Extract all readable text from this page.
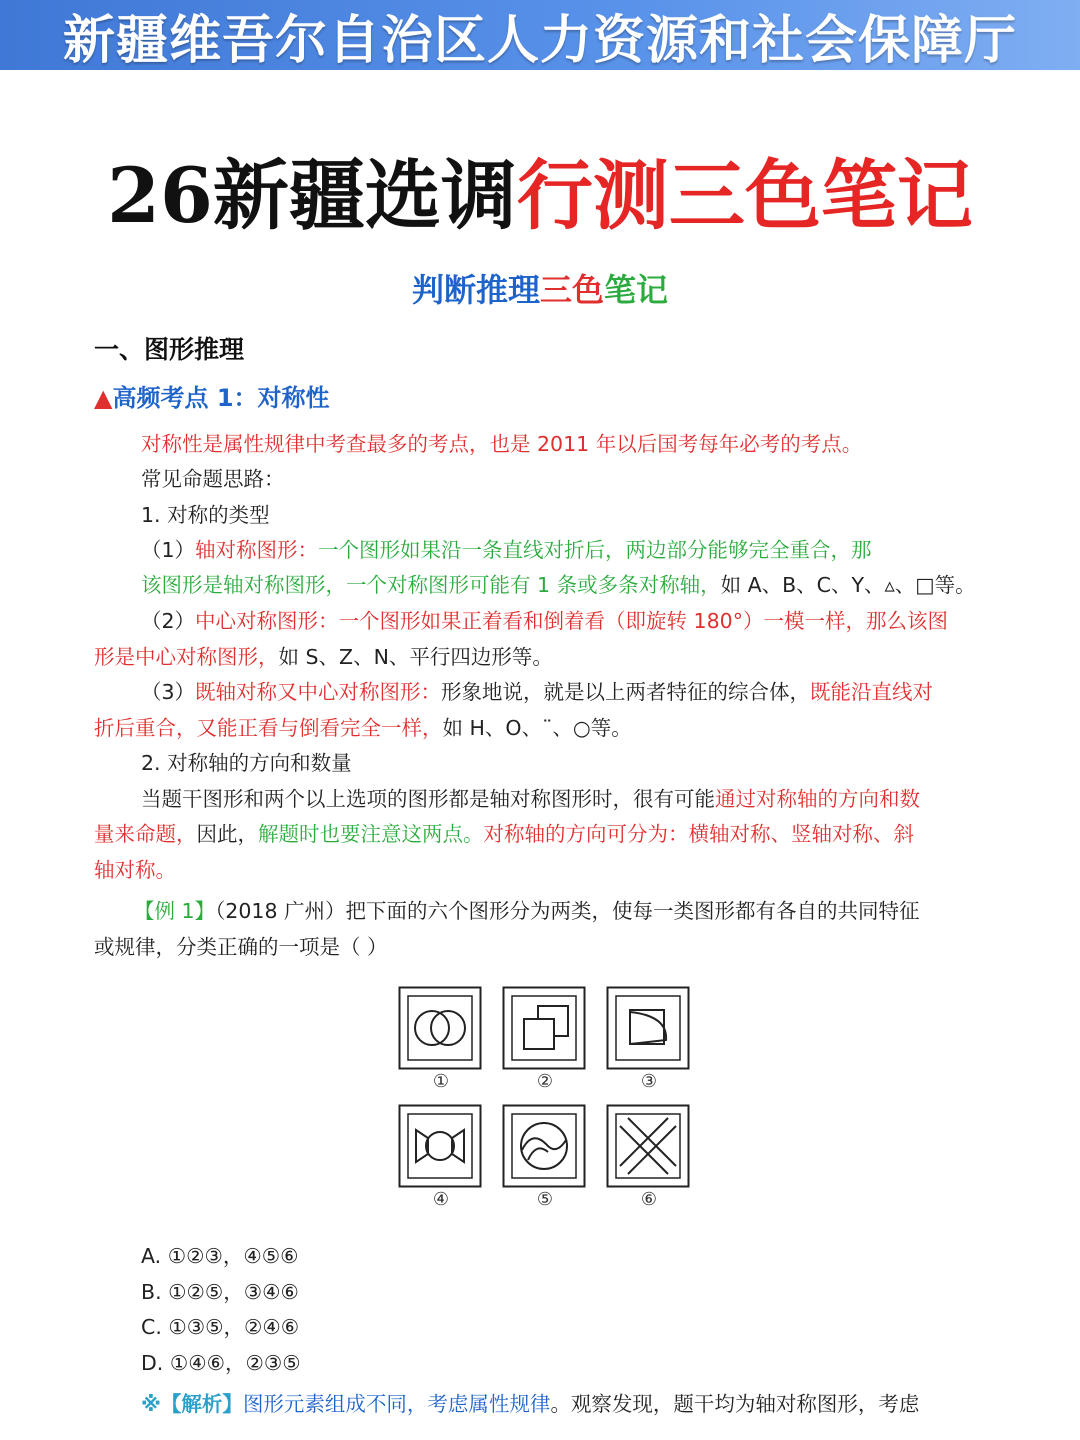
新疆维吾尔自治区人力资源和社会保障厅
26新疆选调行测三色笔记
判断推理三色笔记
一、图形推理
▲高频考点 1：对称性
对称性是属性规律中考查最多的考点，也是 2011 年以后国考每年必考的考点。
常见命题思路：
1. 对称的类型
（1）轴对称图形：一个图形如果沿一条直线对折后，两边部分能够完全重合，那
该图形是轴对称图形，一个对称图形可能有 1 条或多条对称轴，如 A、B、C、Y、▵、□等。
（2）中心对称图形：一个图形如果正着看和倒着看（即旋转 180°）一模一样，那么该图
形是中心对称图形，如 S、Z、N、平行四边形等。
（3）既轴对称又中心对称图形：形象地说，就是以上两者特征的综合体，既能沿直线对
折后重合，又能正看与倒看完全一样，如 H、O、¨、○等。
2. 对称轴的方向和数量
当题干图形和两个以上选项的图形都是轴对称图形时，很有可能通过对称轴的方向和数
量来命题，因此，解题时也要注意这两点。对称轴的方向可分为：横轴对称、竖轴对称、斜
轴对称。
【例 1】（2018 广州）把下面的六个图形分为两类，使每一类图形都有各自的共同特征
或规律，分类正确的一项是（ ）
①	②	③
④	⑤	⑥
A. ①②③，④⑤⑥
B. ①②⑤，③④⑥
C. ①③⑤，②④⑥
D. ①④⑥，②③⑤
※【解析】图形元素组成不同，考虑属性规律。观察发现，题干均为轴对称图形，考虑
